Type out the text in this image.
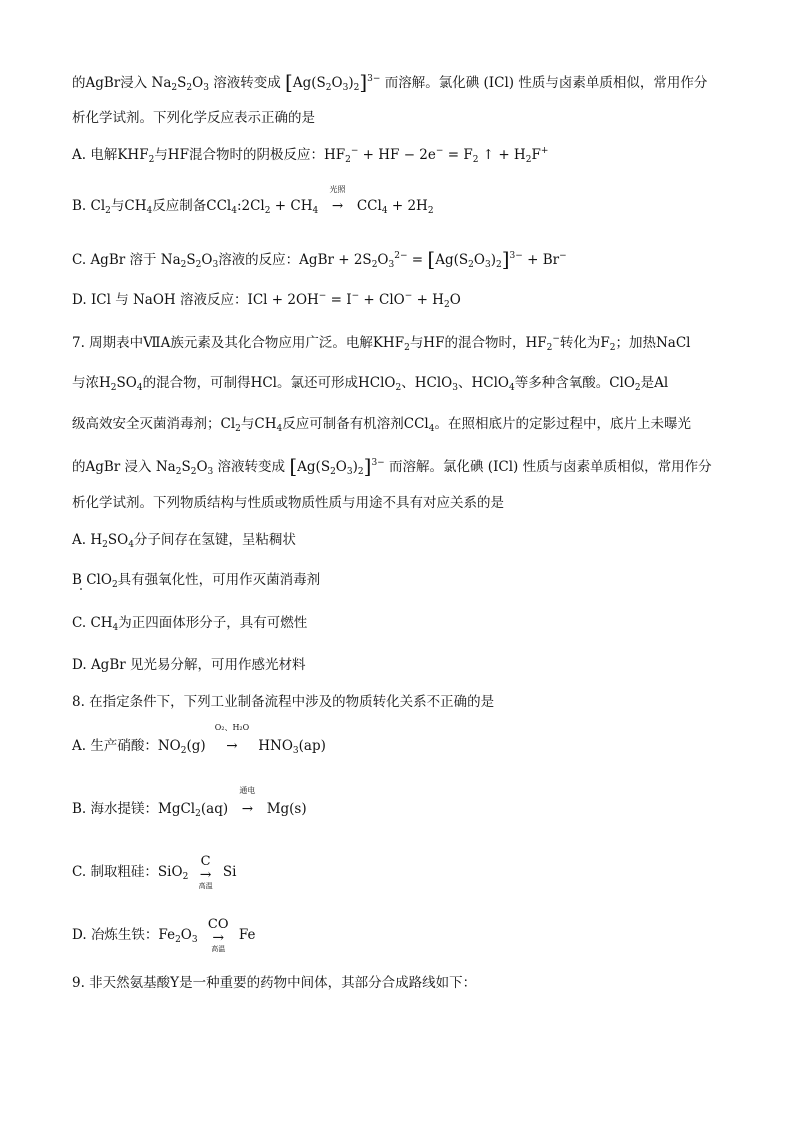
的AgBr浸入 $Na_2S_2O_3$ 溶液转变成 $[Ag(S_2O_3)_2]^{3-}$ 而溶解。氯化碘 (ICl) 性质与卤素单质相似，常用作分
析化学试剂。下列化学反应表示正确的是
A. 电解$KHF_2$与HF混合物时的阴极反应：$HF_2^-$ + HF − $2e^- = F_2$ ↑ + $H_2F^+$
B. $Cl_2$与$CH_4$反应制备$CCl_4:2Cl_2 + CH_4$
光照
→ $CCl_4 + 2H_2$
C. AgBr 溶于 $Na_2S_2O_3$溶液的反应：AgBr + $2S_2O_3^{2-} = [Ag(S_2O_3)_2]^{3-} + Br^-$
D. ICl 与 NaOH 溶液反应：ICl + $2OH^- = I^- + ClO^- + H_2O$
7. 周期表中ⅦA族元素及其化合物应用广泛。电解$KHF_2$与HF的混合物时，$HF_2^-$转化为$F_2$；加热NaCl
与浓$H_2SO_4$的混合物，可制得HCl。氯还可形成HClO$_2$、HClO$_3$、HClO$_4$等多种含氧酸。ClO$_2$是Al
级高效安全灭菌消毒剂；$Cl_2$与$CH_4$反应可制备有机溶剂CCl$_4$。在照相底片的定影过程中，底片上未曝光
的AgBr 浸入 $Na_2S_2O_3$ 溶液转变成 $[Ag(S_2O_3)_2]^{3-}$ 而溶解。氯化碘 (ICl) 性质与卤素单质相似，常用作分
析化学试剂。下列物质结构与性质或物质性质与用途不具有对应关系的是
A. $H_2SO_4$分子间存在氢键，呈粘稠状
B ClO$_2$具有强氧化性，可用作灭菌消毒剂
C. $CH_4$为正四面体形分子，具有可燃性
D. AgBr 见光易分解，可用作感光材料
8. 在指定条件下，下列工业制备流程中涉及的物质转化关系不正确的是
A. 生产硝酸：$NO_2(g)$
O₂、H₂O
→ $HNO_3(ap)$
B. 海水提镁：MgCl$_2$(aq)
通电
→ Mg(s)
C. 制取粗硅：SiO$_2$
C
→
高温
Si
D. 冶炼生铁：$Fe_2O_3$
CO
→
高温
Fe
9. 非天然氨基酸Y是一种重要的药物中间体，其部分合成路线如下：
